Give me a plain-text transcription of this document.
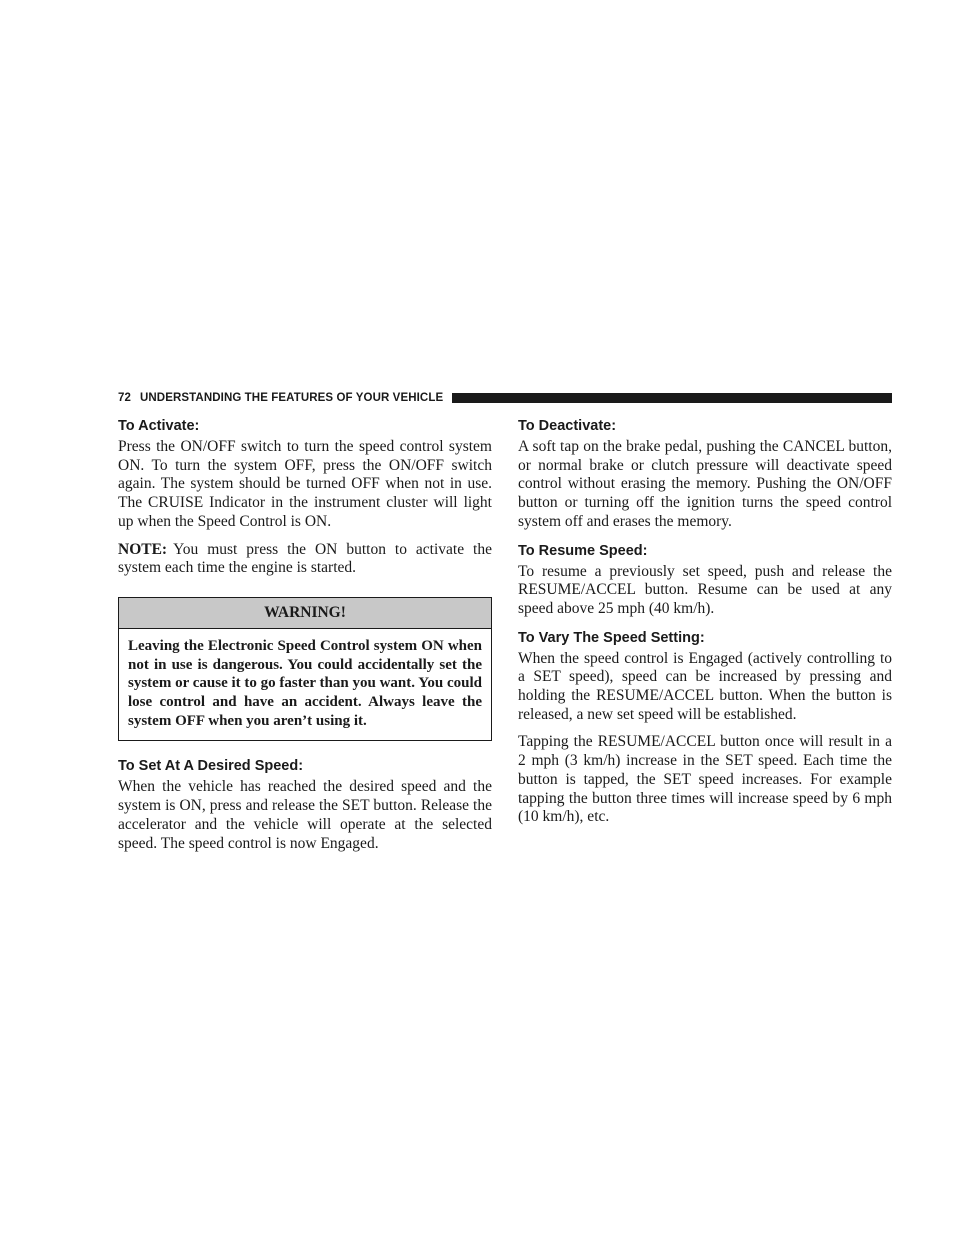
72 UNDERSTANDING THE FEATURES OF YOUR VEHICLE
To Activate:

Press the ON/OFF switch to turn the speed control system ON. To turn the system OFF, press the ON/OFF switch again. The system should be turned OFF when not in use. The CRUISE Indicator in the instrument cluster will light up when the Speed Control is ON.

NOTE: You must press the ON button to activate the system each time the engine is started.

WARNING!
Leaving the Electronic Speed Control system ON when not in use is dangerous. You could accidentally set the system or cause it to go faster than you want. You could lose control and have an accident. Always leave the system OFF when you aren’t using it.
To Set At A Desired Speed:

When the vehicle has reached the desired speed and the system is ON, press and release the SET button. Release the accelerator and the vehicle will operate at the selected speed. The speed control is now Engaged.

To Deactivate:

A soft tap on the brake pedal, pushing the CANCEL button, or normal brake or clutch pressure will deactivate speed control without erasing the memory. Pushing the ON/OFF button or turning off the ignition turns the speed control system off and erases the memory.

To Resume Speed:

To resume a previously set speed, push and release the RESUME/ACCEL button. Resume can be used at any speed above 25 mph (40 km/h).

To Vary The Speed Setting:

When the speed control is Engaged (actively controlling to a SET speed), speed can be increased by pressing and holding the RESUME/ACCEL button. When the button is released, a new set speed will be established.

Tapping the RESUME/ACCEL button once will result in a 2 mph (3 km/h) increase in the SET speed. Each time the button is tapped, the SET speed increases. For example tapping the button three times will increase speed by 6 mph (10 km/h), etc.
